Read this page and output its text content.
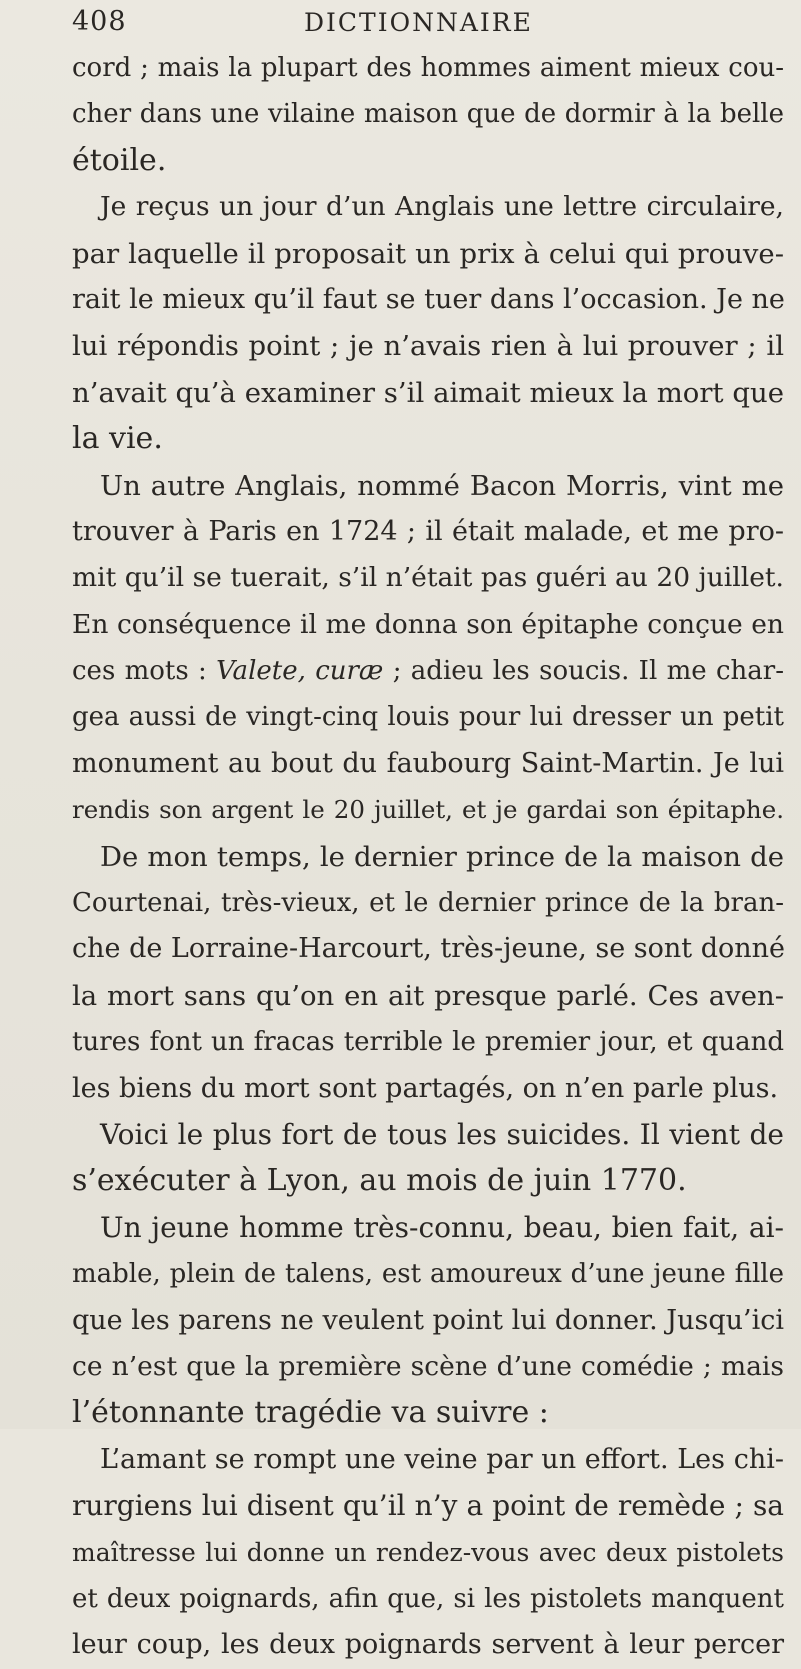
408	DICTIONNAIRE
cord ; mais la plupart des hommes aiment mieux cou-
cher dans une vilaine maison que de dormir à la belle
étoile.
Je reçus un jour d’un Anglais une lettre circulaire,
par laquelle il proposait un prix à celui qui prouve-
rait le mieux qu’il faut se tuer dans l’occasion. Je ne
lui répondis point ; je n’avais rien à lui prouver ; il
n’avait qu’à examiner s’il aimait mieux la mort que
la vie.
Un autre Anglais, nommé Bacon Morris, vint me
trouver à Paris en 1724 ; il était malade, et me pro-
mit qu’il se tuerait, s’il n’était pas guéri au 20 juillet.
En conséquence il me donna son épitaphe conçue en
ces mots : Valete, curæ ; adieu les soucis. Il me char-
gea aussi de vingt-cinq louis pour lui dresser un petit
monument au bout du faubourg Saint-Martin. Je lui
rendis son argent le 20 juillet, et je gardai son épitaphe.
De mon temps, le dernier prince de la maison de
Courtenai, très-vieux, et le dernier prince de la bran-
che de Lorraine-Harcourt, très-jeune, se sont donné
la mort sans qu’on en ait presque parlé. Ces aven-
tures font un fracas terrible le premier jour, et quand
les biens du mort sont partagés, on n’en parle plus.
Voici le plus fort de tous les suicides. Il vient de
s’exécuter à Lyon, au mois de juin 1770.
Un jeune homme très-connu, beau, bien fait, ai-
mable, plein de talens, est amoureux d’une jeune fille
que les parens ne veulent point lui donner. Jusqu’ici
ce n’est que la première scène d’une comédie ; mais
l’étonnante tragédie va suivre :
L’amant se rompt une veine par un effort. Les chi-
rurgiens lui disent qu’il n’y a point de remède ; sa
maîtresse lui donne un rendez-vous avec deux pistolets
et deux poignards, afin que, si les pistolets manquent
leur coup, les deux poignards servent à leur percer
